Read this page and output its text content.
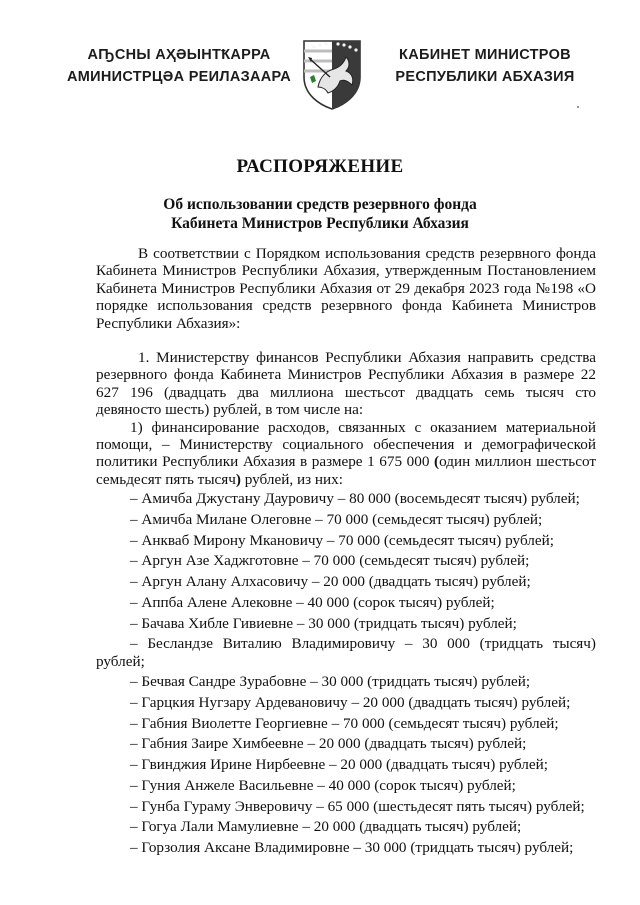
АҦСНЫ АҲӘЫНТҞАРРА
АМИНИСТРЦӘА РЕИЛАЗААРА
КАБИНЕТ МИНИСТРОВ
РЕСПУБЛИКИ АБХАЗИЯ
РАСПОРЯЖЕНИЕ
Об использовании средств резервного фонда
Кабинета Министров Республики Абхазия

В соответствии с Порядком использования средств резервного фонда Кабинета Министров Республики Абхазия, утвержденным Постановлением Кабинета Министров Республики Абхазия от 29 декабря 2023 года №198 «О порядке использования средств резервного фонда Кабинета Министров Республики Абхазия»:

1. Министерству финансов Республики Абхазия направить средства резервного фонда Кабинета Министров Республики Абхазия в размере 22 627 196 (двадцать два миллиона шестьсот двадцать семь тысяч сто девяносто шесть) рублей, в том числе на:

1) финансирование расходов, связанных с оказанием материальной помощи, – Министерству социального обеспечения и демографической политики Республики Абхазия в размере 1 675 000 (один миллион шестьсот семьдесят пять тысяч) рублей, из них:

– Амичба Джустану Дауровичу – 80 000 (восемьдесят тысяч) рублей;

– Амичба Милане Олеговне – 70 000 (семьдесят тысяч) рублей;

– Анкваб Мирону Мкановичу – 70 000 (семьдесят тысяч) рублей;

– Аргун Азе Хаджготовне – 70 000 (семьдесят тысяч) рублей;

– Аргун Алану Алхасовичу – 20 000 (двадцать тысяч) рублей;

– Аппба Алене Алековне – 40 000 (сорок тысяч) рублей;

– Бачава Хибле Гивиевне – 30 000 (тридцать тысяч) рублей;

– Бесландзе Виталию Владимировичу – 30 000 (тридцать тысяч) рублей;

– Бечвая Сандре Зурабовне – 30 000 (тридцать тысяч) рублей;

– Гарцкия Нугзару Ардевановичу – 20 000 (двадцать тысяч) рублей;

– Габния Виолетте Георгиевне – 70 000 (семьдесят тысяч) рублей;

– Габния Заире Химбеевне – 20 000 (двадцать тысяч) рублей;

– Гвинджия Ирине Нирбеевне – 20 000 (двадцать тысяч) рублей;

– Гуния Анжеле Васильевне – 40 000 (сорок тысяч) рублей;

– Гунба Гураму Энверовичу – 65 000 (шестьдесят пять тысяч) рублей;

– Гогуа Лали Мамулиевне – 20 000 (двадцать тысяч) рублей;

– Горзолия Аксане Владимировне – 30 000 (тридцать тысяч) рублей;
